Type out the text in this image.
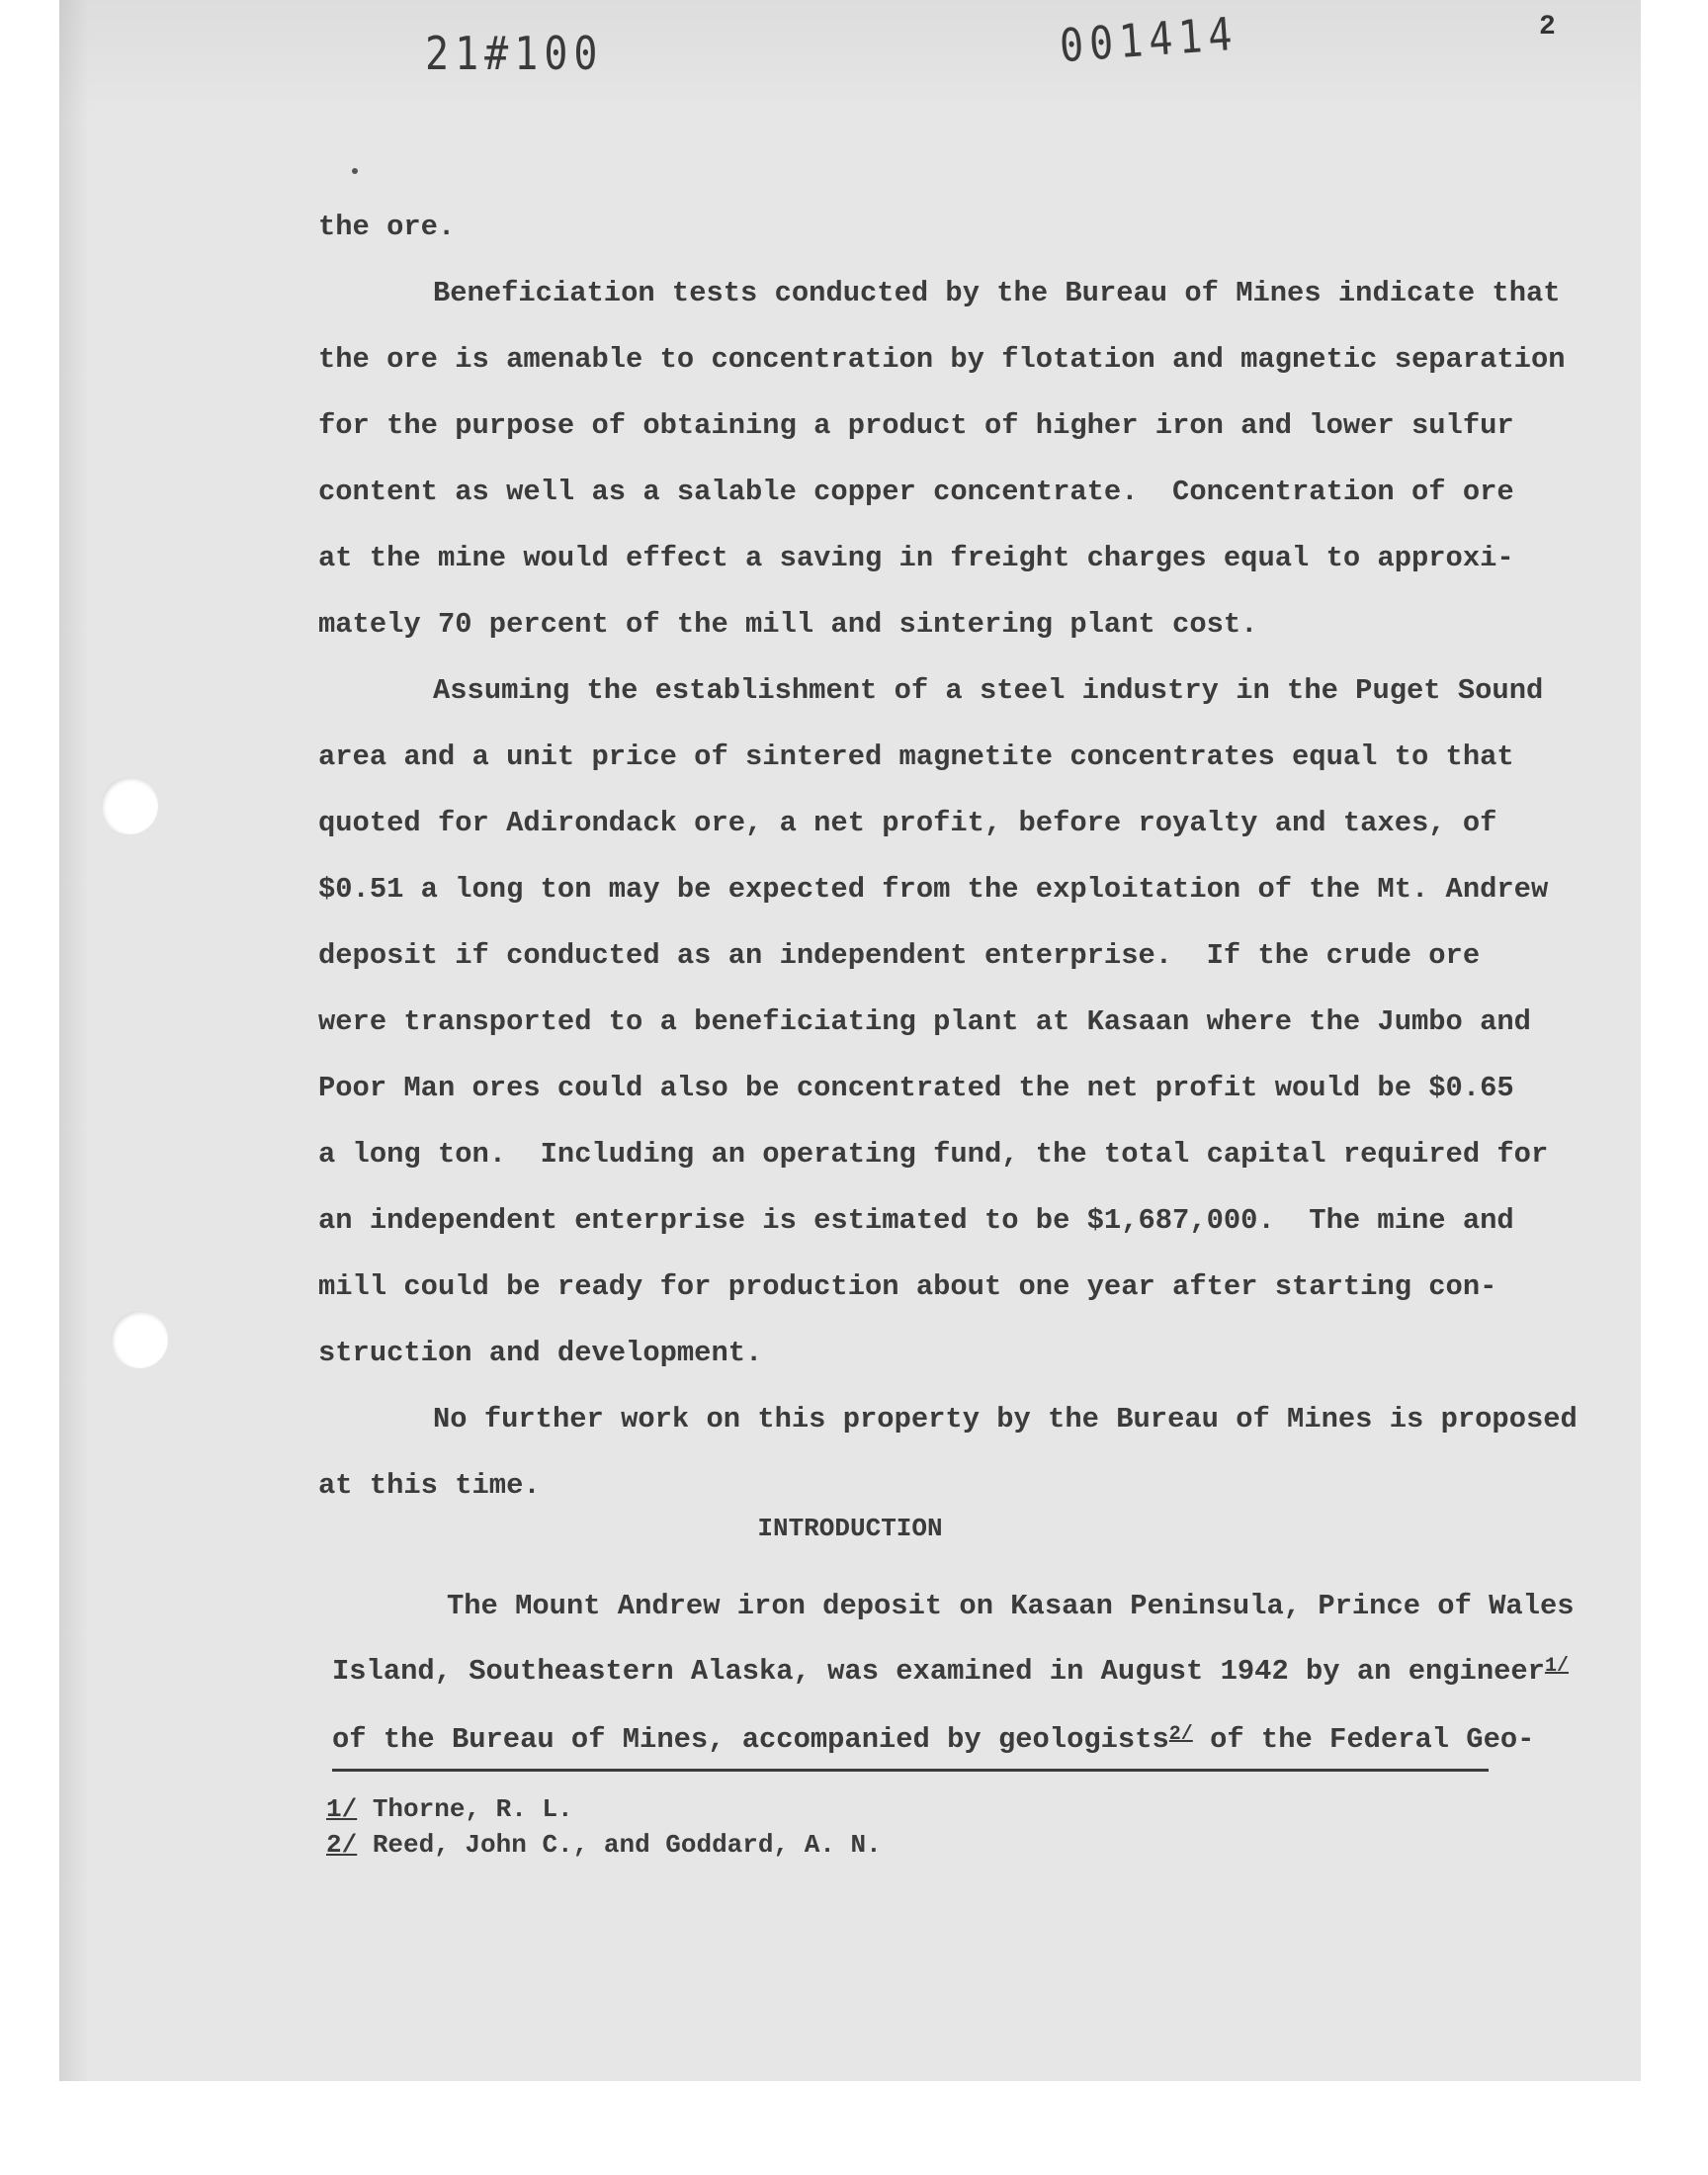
21#100	001414	2
the ore.
Beneficiation tests conducted by the Bureau of Mines indicate that
the ore is amenable to concentration by flotation and magnetic separation
for the purpose of obtaining a product of higher iron and lower sulfur
content as well as a salable copper concentrate.  Concentration of ore
at the mine would effect a saving in freight charges equal to approxi-
mately 70 percent of the mill and sintering plant cost.
Assuming the establishment of a steel industry in the Puget Sound
area and a unit price of sintered magnetite concentrates equal to that
quoted for Adirondack ore, a net profit, before royalty and taxes, of
$0.51 a long ton may be expected from the exploitation of the Mt. Andrew
deposit if conducted as an independent enterprise.  If the crude ore
were transported to a beneficiating plant at Kasaan where the Jumbo and
Poor Man ores could also be concentrated the net profit would be $0.65
a long ton.  Including an operating fund, the total capital required for
an independent enterprise is estimated to be $1,687,000.  The mine and
mill could be ready for production about one year after starting con-
struction and development.
No further work on this property by the Bureau of Mines is proposed
at this time.
INTRODUCTION
The Mount Andrew iron deposit on Kasaan Peninsula, Prince of Wales
Island, Southeastern Alaska, was examined in August 1942 by an engineer$^{1/}$
of the Bureau of Mines, accompanied by geologists$^{2/}$ of the Federal Geo-
1/ Thorne, R. L.
2/ Reed, John C., and Goddard, A. N.
